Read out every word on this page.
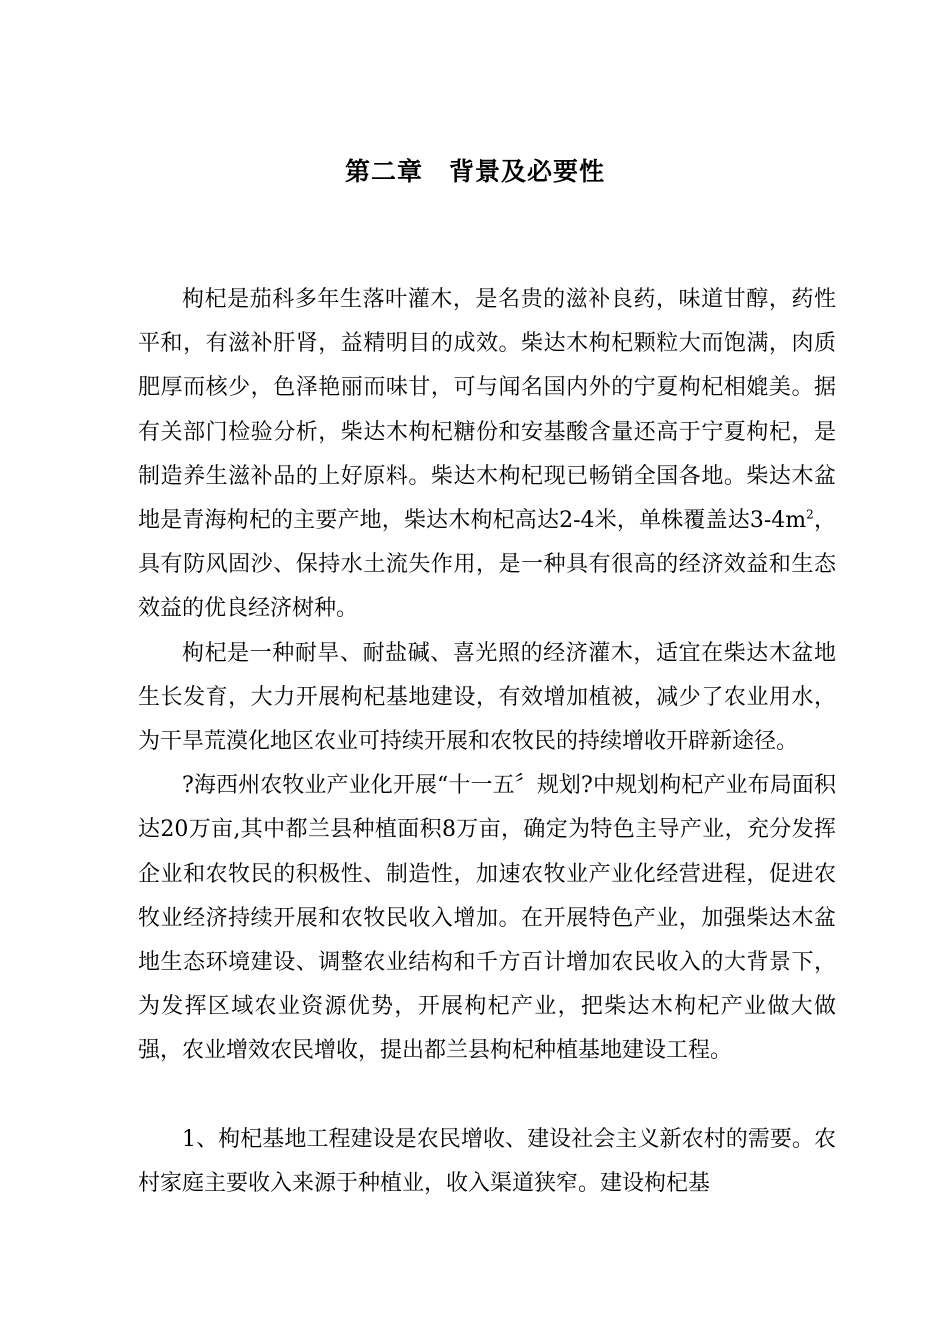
第二章　背景及必要性

枸杞是茄科多年生落叶灌木，是名贵的滋补良药，味道甘醇，药性平和，有滋补肝肾，益精明目的成效。柴达木枸杞颗粒大而饱满，肉质肥厚而核少，色泽艳丽而味甘，可与闻名国内外的宁夏枸杞相媲美。据有关部门检验分析，柴达木枸杞糖份和安基酸含量还高于宁夏枸杞，是制造养生滋补品的上好原料。柴达木枸杞现已畅销全国各地。柴达木盆地是青海枸杞的主要产地，柴达木枸杞高达2-4米，单株覆盖达$3-4m^2$，具有防风固沙、保持水土流失作用，是一种具有很高的经济效益和生态效益的优良经济树种。

枸杞是一种耐旱、耐盐碱、喜光照的经济灌木，适宜在柴达木盆地生长发育，大力开展枸杞基地建设，有效增加植被，减少了农业用水，为干旱荒漠化地区农业可持续开展和农牧民的持续增收开辟新途径。

?海西州农牧业产业化开展“十一五〞规划?中规划枸杞产业布局面积达20万亩,其中都兰县种植面积8万亩，确定为特色主导产业，充分发挥企业和农牧民的积极性、制造性，加速农牧业产业化经营进程，促进农牧业经济持续开展和农牧民收入增加。在开展特色产业，加强柴达木盆地生态环境建设、调整农业结构和千方百计增加农民收入的大背景下，为发挥区域农业资源优势，开展枸杞产业，把柴达木枸杞产业做大做强，农业增效农民增收，提出都兰县枸杞种植基地建设工程。

1、枸杞基地工程建设是农民增收、建设社会主义新农村的需要。农村家庭主要收入来源于种植业，收入渠道狭窄。建设枸杞基
